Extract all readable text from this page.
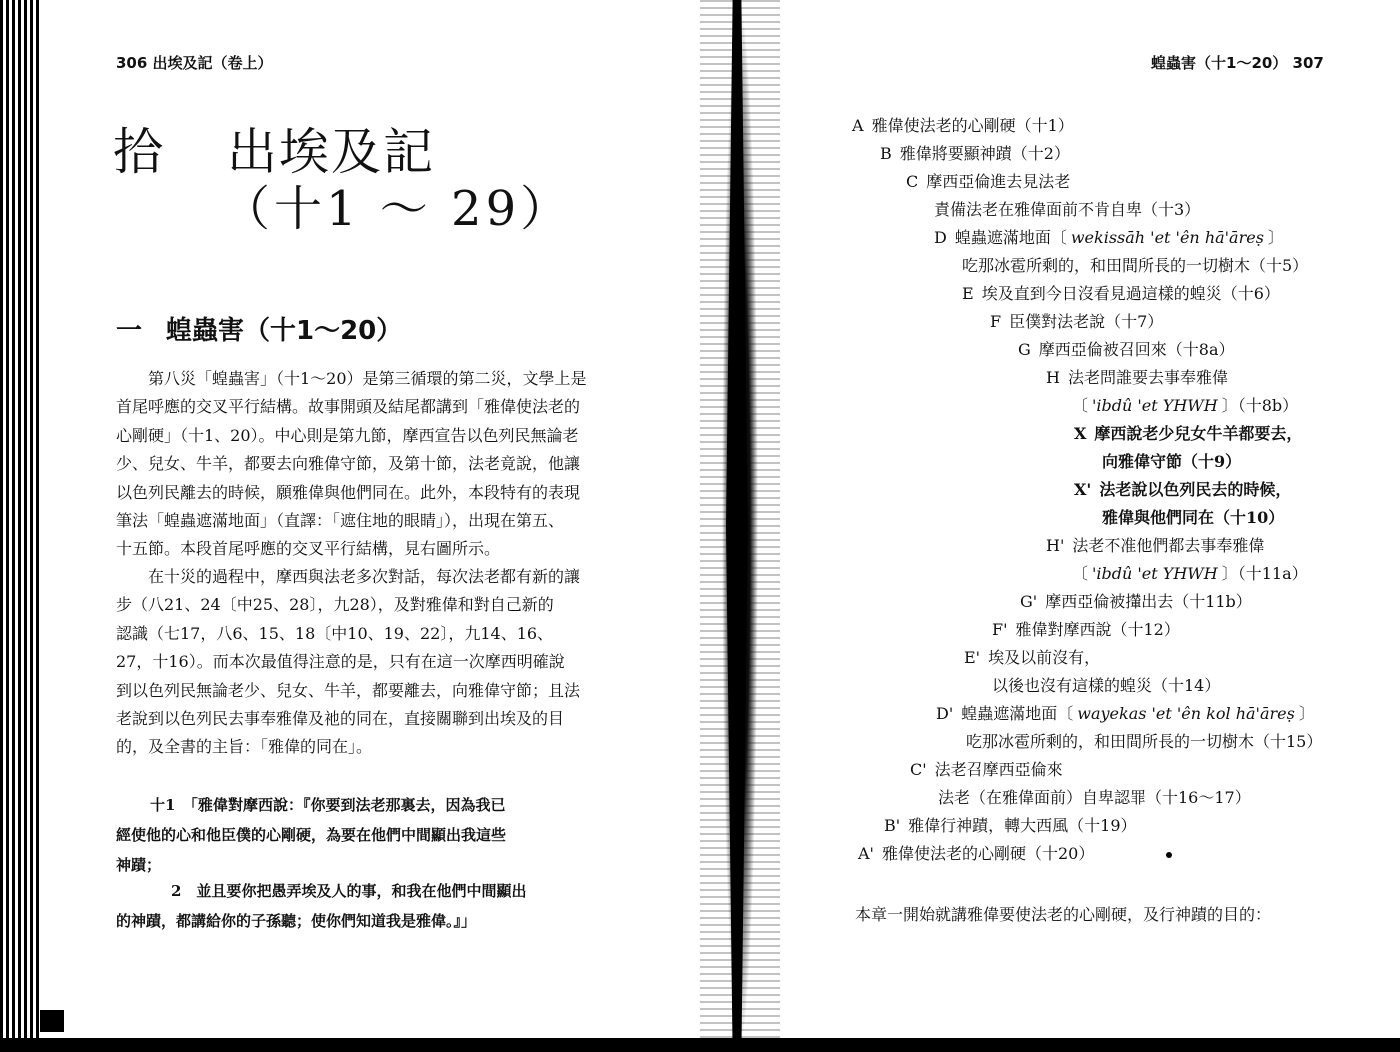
306 出埃及記（卷上）
拾 出埃及記
（十1 ～ 29）
一 蝗蟲害（十1～20）
第八災「蝗蟲害」（十1～20）是第三循環的第二災，文學上是
首尾呼應的交叉平行結構。故事開頭及結尾都講到「雅偉使法老的
心剛硬」（十1、20）。中心則是第九節，摩西宣告以色列民無論老
少、兒女、牛羊，都要去向雅偉守節，及第十節，法老竟說，他讓
以色列民離去的時候，願雅偉與他們同在。此外，本段特有的表現
筆法「蝗蟲遮滿地面」（直譯：「遮住地的眼睛」），出現在第五、
十五節。本段首尾呼應的交叉平行結構，見右圖所示。
在十災的過程中，摩西與法老多次對話，每次法老都有新的讓
步（八21、24〔中25、28〕，九28），及對雅偉和對自己新的
認識（七17，八6、15、18〔中10、19、22〕，九14、16、
27，十16）。而本次最值得注意的是，只有在這一次摩西明確說
到以色列民無論老少、兒女、牛羊，都要離去，向雅偉守節；且法
老說到以色列民去事奉雅偉及祂的同在，直接關聯到出埃及的目
的，及全書的主旨：「雅偉的同在」。
十1　「雅偉對摩西說：『你要到法老那裏去，因為我已
經使他的心和他臣僕的心剛硬，為要在他們中間顯出我這些
神蹟；
　2　並且要你把愚弄埃及人的事，和我在他們中間顯出
的神蹟，都講給你的子孫聽；使你們知道我是雅偉。』」
蝗蟲害（十1～20） 307
A 雅偉使法老的心剛硬（十1）
B 雅偉將要顯神蹟（十2）
C 摩西亞倫進去見法老
責備法老在雅偉面前不肯自卑（十3）
D 蝗蟲遮滿地面〔 wekissāh 'et 'ên hā'āreṣ 〕
吃那冰雹所剩的，和田間所長的一切樹木（十5）
E 埃及直到今日沒看見過這樣的蝗災（十6）
F 臣僕對法老說（十7）
G 摩西亞倫被召回來（十8a）
H 法老問誰要去事奉雅偉
〔 'ibdû 'et YHWH 〕（十8b）
X 摩西說老少兒女牛羊都要去，
向雅偉守節（十9）
X' 法老說以色列民去的時候，
雅偉與他們同在（十10）
H' 法老不准他們都去事奉雅偉
〔 'ibdû 'et YHWH 〕（十11a）
G' 摩西亞倫被攆出去（十11b）
F' 雅偉對摩西說（十12）
E' 埃及以前沒有，
以後也沒有這樣的蝗災（十14）
D' 蝗蟲遮滿地面〔 wayekas 'et 'ên kol hā'āreṣ 〕
吃那冰雹所剩的，和田間所長的一切樹木（十15）
C' 法老召摩西亞倫來
法老（在雅偉面前）自卑認罪（十16～17）
B' 雅偉行神蹟，轉大西風（十19）
A' 雅偉使法老的心剛硬（十20）
本章一開始就講雅偉要使法老的心剛硬，及行神蹟的目的：
